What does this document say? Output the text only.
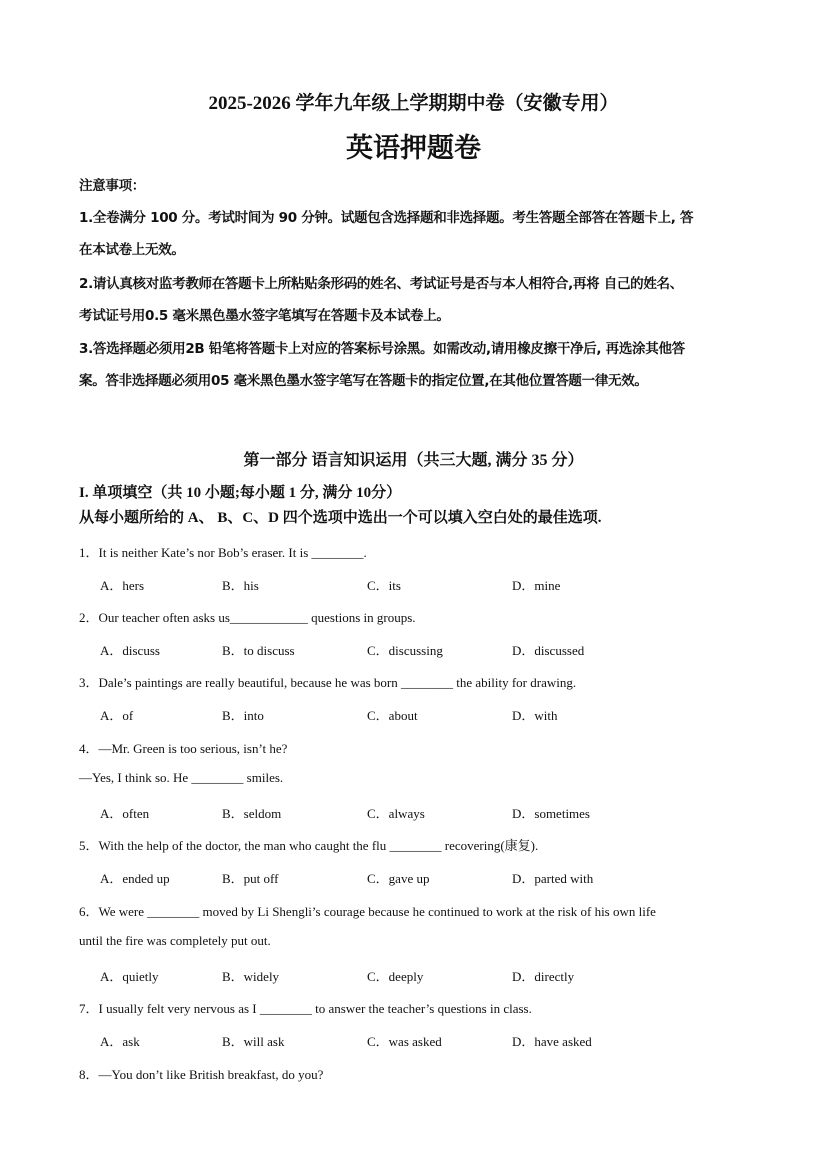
2025-2026 学年九年级上学期期中卷（安徽专用）
英语押题卷
注意事项：
1.全卷满分 100 分。考试时间为 90 分钟。试题包含选择题和非选择题。考生答题全部答在答题卡上, 答
在本试卷上无效。
2.请认真核对监考教师在答题卡上所粘贴条形码的姓名、考试证号是否与本人相符合,再将 自己的姓名、
考试证号用0.5 毫米黑色墨水签字笔填写在答题卡及本试卷上。
3.答选择题必须用2B 铅笔将答题卡上对应的答案标号涂黑。如需改动,请用橡皮擦干净后, 再选涂其他答
案。答非选择题必须用05 毫米黑色墨水签字笔写在答题卡的指定位置,在其他位置答题一律无效。
第一部分 语言知识运用（共三大题, 满分 35 分）
I. 单项填空（共 10 小题;每小题 1 分, 满分 10分）
从每小题所给的 A、 B、C、D 四个选项中选出一个可以填入空白处的最佳选项.
1．It is neither Kate’s nor Bob’s eraser. It is ________.
A．hers	B．his	C．its	D．mine
2．Our teacher often asks us____________ questions in groups.
A．discuss	B．to discuss	C．discussing	D．discussed
3．Dale’s paintings are really beautiful, because he was born ________ the ability for drawing.
A．of	B．into	C．about	D．with
4．—Mr. Green is too serious, isn’t he?
—Yes, I think so. He ________ smiles.
A．often	B．seldom	C．always	D．sometimes
5．With the help of the doctor, the man who caught the flu ________ recovering(康复).
A．ended up	B．put off	C．gave up	D．parted with
6．We were ________ moved by Li Shengli’s courage because he continued to work at the risk of his own life
until the fire was completely put out.
A．quietly	B．widely	C．deeply	D．directly
7．I usually felt very nervous as I ________ to answer the teacher’s questions in class.
A．ask	B．will ask	C．was asked	D．have asked
8．—You don’t like British breakfast, do you?
